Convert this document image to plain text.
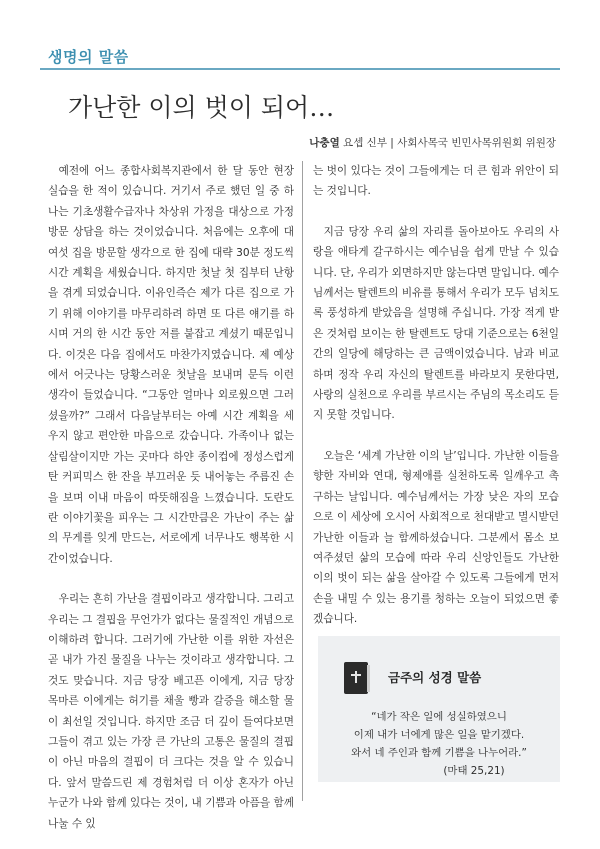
생명의 말씀
가난한 이의 벗이 되어…
나충열 요셉 신부 | 사회사목국 빈민사목위원회 위원장

예전에 어느 종합사회복지관에서 한 달 동안 현장 실습을 한 적이 있습니다. 거기서 주로 했던 일 중 하나는 기초생활수급자나 차상위 가정을 대상으로 가정방문 상담을 하는 것이었습니다. 처음에는 오후에 대여섯 집을 방문할 생각으로 한 집에 대략 30분 정도씩 시간 계획을 세웠습니다. 하지만 첫날 첫 집부터 난항을 겪게 되었습니다. 이유인즉슨 제가 다른 집으로 가기 위해 이야기를 마무리하려 하면 또 다른 얘기를 하시며 거의 한 시간 동안 저를 붙잡고 계셨기 때문입니다. 이것은 다음 집에서도 마찬가지였습니다. 제 예상에서 어긋나는 당황스러운 첫날을 보내며 문득 이런 생각이 들었습니다. “그동안 얼마나 외로웠으면 그러셨을까?” 그래서 다음날부터는 아예 시간 계획을 세우지 않고 편안한 마음으로 갔습니다. 가족이나 없는 살림살이지만 가는 곳마다 하얀 종이컵에 정성스럽게 탄 커피믹스 한 잔을 부끄러운 듯 내어놓는 주름진 손을 보며 이내 마음이 따뜻해짐을 느꼈습니다. 도란도란 이야기꽃을 피우는 그 시간만큼은 가난이 주는 삶의 무게를 잊게 만드는, 서로에게 너무나도 행복한 시간이었습니다.

우리는 흔히 가난을 결핍이라고 생각합니다. 그리고 우리는 그 결핍을 무언가가 없다는 물질적인 개념으로 이해하려 합니다. 그러기에 가난한 이를 위한 자선은 곧 내가 가진 물질을 나누는 것이라고 생각합니다. 그것도 맞습니다. 지금 당장 배고픈 이에게, 지금 당장 목마른 이에게는 허기를 채울 빵과 갈증을 해소할 물이 최선일 것입니다. 하지만 조금 더 깊이 들여다보면 그들이 겪고 있는 가장 큰 가난의 고통은 물질의 결핍이 아닌 마음의 결핍이 더 크다는 것을 알 수 있습니다. 앞서 말씀드린 제 경험처럼 더 이상 혼자가 아닌 누군가 나와 함께 있다는 것이, 내 기쁨과 아픔을 함께 나눌 수 있

는 벗이 있다는 것이 그들에게는 더 큰 힘과 위안이 되는 것입니다.

지금 당장 우리 삶의 자리를 돌아보아도 우리의 사랑을 애타게 갈구하시는 예수님을 쉽게 만날 수 있습니다. 단, 우리가 외면하지만 않는다면 말입니다. 예수님께서는 탈렌트의 비유를 통해서 우리가 모두 넘치도록 풍성하게 받았음을 설명해 주십니다. 가장 적게 받은 것처럼 보이는 한 탈렌트도 당대 기준으로는 6천일 간의 일당에 해당하는 큰 금액이었습니다. 남과 비교하며 정작 우리 자신의 탈렌트를 바라보지 못한다면, 사랑의 실천으로 우리를 부르시는 주님의 목소리도 듣지 못할 것입니다.

오늘은 ‘세계 가난한 이의 날’입니다. 가난한 이들을 향한 자비와 연대, 형제애를 실천하도록 일깨우고 촉구하는 날입니다. 예수님께서는 가장 낮은 자의 모습으로 이 세상에 오시어 사회적으로 천대받고 멸시받던 가난한 이들과 늘 함께하셨습니다. 그분께서 몸소 보여주셨던 삶의 모습에 따라 우리 신앙인들도 가난한 이의 벗이 되는 삶을 살아갈 수 있도록 그들에게 먼저 손을 내밀 수 있는 용기를 청하는 오늘이 되었으면 좋겠습니다.

금주의 성경 말씀
“네가 작은 일에 성실하였으니
이제 내가 너에게 많은 일을 맡기겠다.
와서 네 주인과 함께 기쁨을 나누어라.”
(마태 25,21)
